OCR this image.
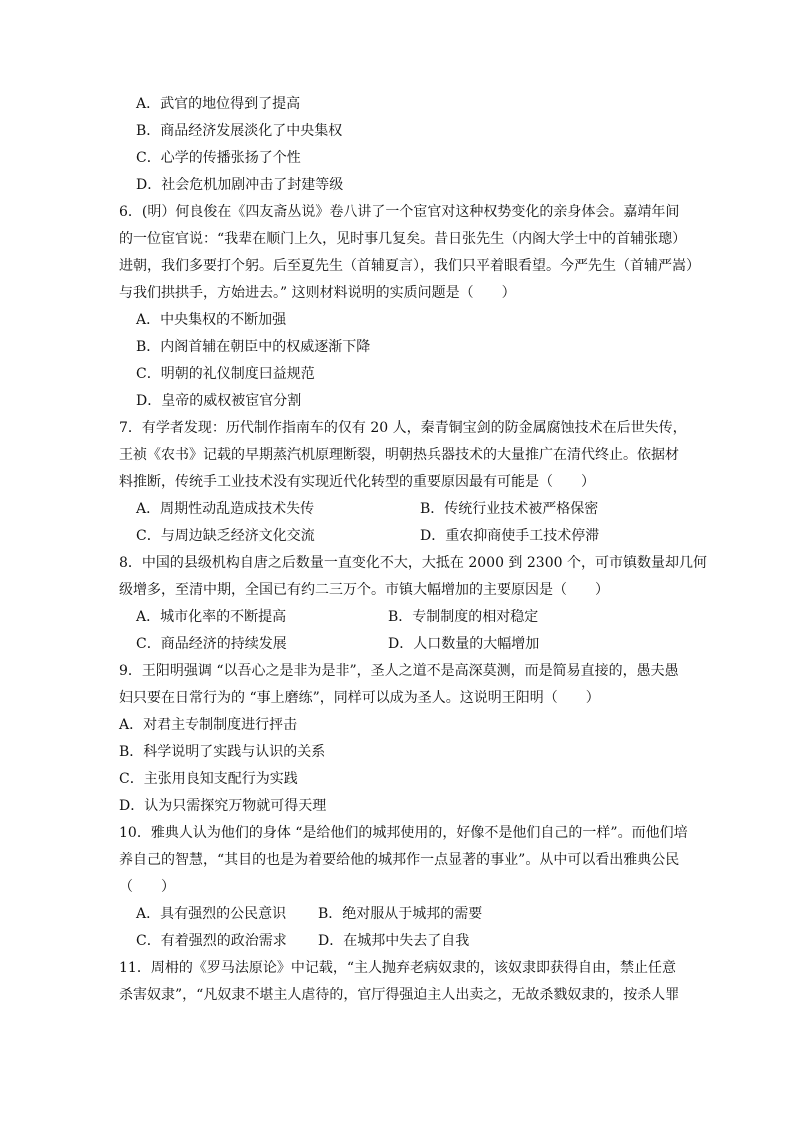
A．武官的地位得到了提高
B．商品经济发展淡化了中央集权
C．心学的传播张扬了个性
D．社会危机加剧冲击了封建等级
6．(明）何良俊在《四友斋丛说》卷八讲了一个宦官对这种权势变化的亲身体会。嘉靖年间
的一位宦官说：“我辈在顺门上久，见时事几复矣。昔日张先生（内阁大学士中的首辅张璁）
进朝，我们多要打个躬。后至夏先生（首辅夏言），我们只平着眼看望。今严先生（首辅严嵩）
与我们拱拱手，方始进去。” 这则材料说明的实质问题是（　　）
A．中央集权的不断加强
B．内阁首辅在朝臣中的权威逐渐下降
C．明朝的礼仪制度曰益规范
D．皇帝的威权被宦官分割
7．有学者发现：历代制作指南车的仅有 20 人，秦青铜宝剑的防金属腐蚀技术在后世失传，
王祯《农书》记载的早期蒸汽机原理断裂，明朝热兵器技术的大量推广在清代终止。依据材
料推断，传统手工业技术没有实现近代化转型的重要原因最有可能是（　　）
A．周期性动乱造成技术失传	B．传统行业技术被严格保密
C．与周边缺乏经济文化交流	D．重农抑商使手工技术停滞
8．中国的县级机构自唐之后数量一直变化不大，大抵在 2000 到 2300 个，可市镇数量却几何
级增多，至清中期，全国已有约二三万个。市镇大幅增加的主要原因是（　　）
A．城市化率的不断提高	B．专制制度的相对稳定
C．商品经济的持续发展	D．人口数量的大幅增加
9．王阳明强调 “以吾心之是非为是非”，圣人之道不是高深莫测，而是简易直接的，愚夫愚
妇只要在日常行为的 “事上磨练”，同样可以成为圣人。这说明王阳明（　　）
A．对君主专制制度进行抨击
B．科学说明了实践与认识的关系
C．主张用良知支配行为实践
D．认为只需探究万物就可得天理
10．雅典人认为他们的身体 “是给他们的城邦使用的，好像不是他们自己的一样”。而他们培
养自己的智慧，“其目的也是为着要给他的城邦作一点显著的事业”。从中可以看出雅典公民
（　　）
A．具有强烈的公民意识 B．绝对服从于城邦的需要
C．有着强烈的政治需求 D．在城邦中失去了自我
11．周枏的《罗马法原论》中记载，“主人抛弃老病奴隶的，该奴隶即获得自由，禁止任意
杀害奴隶”，“凡奴隶不堪主人虐待的，官厅得强迫主人出卖之，无故杀戮奴隶的，按杀人罪
